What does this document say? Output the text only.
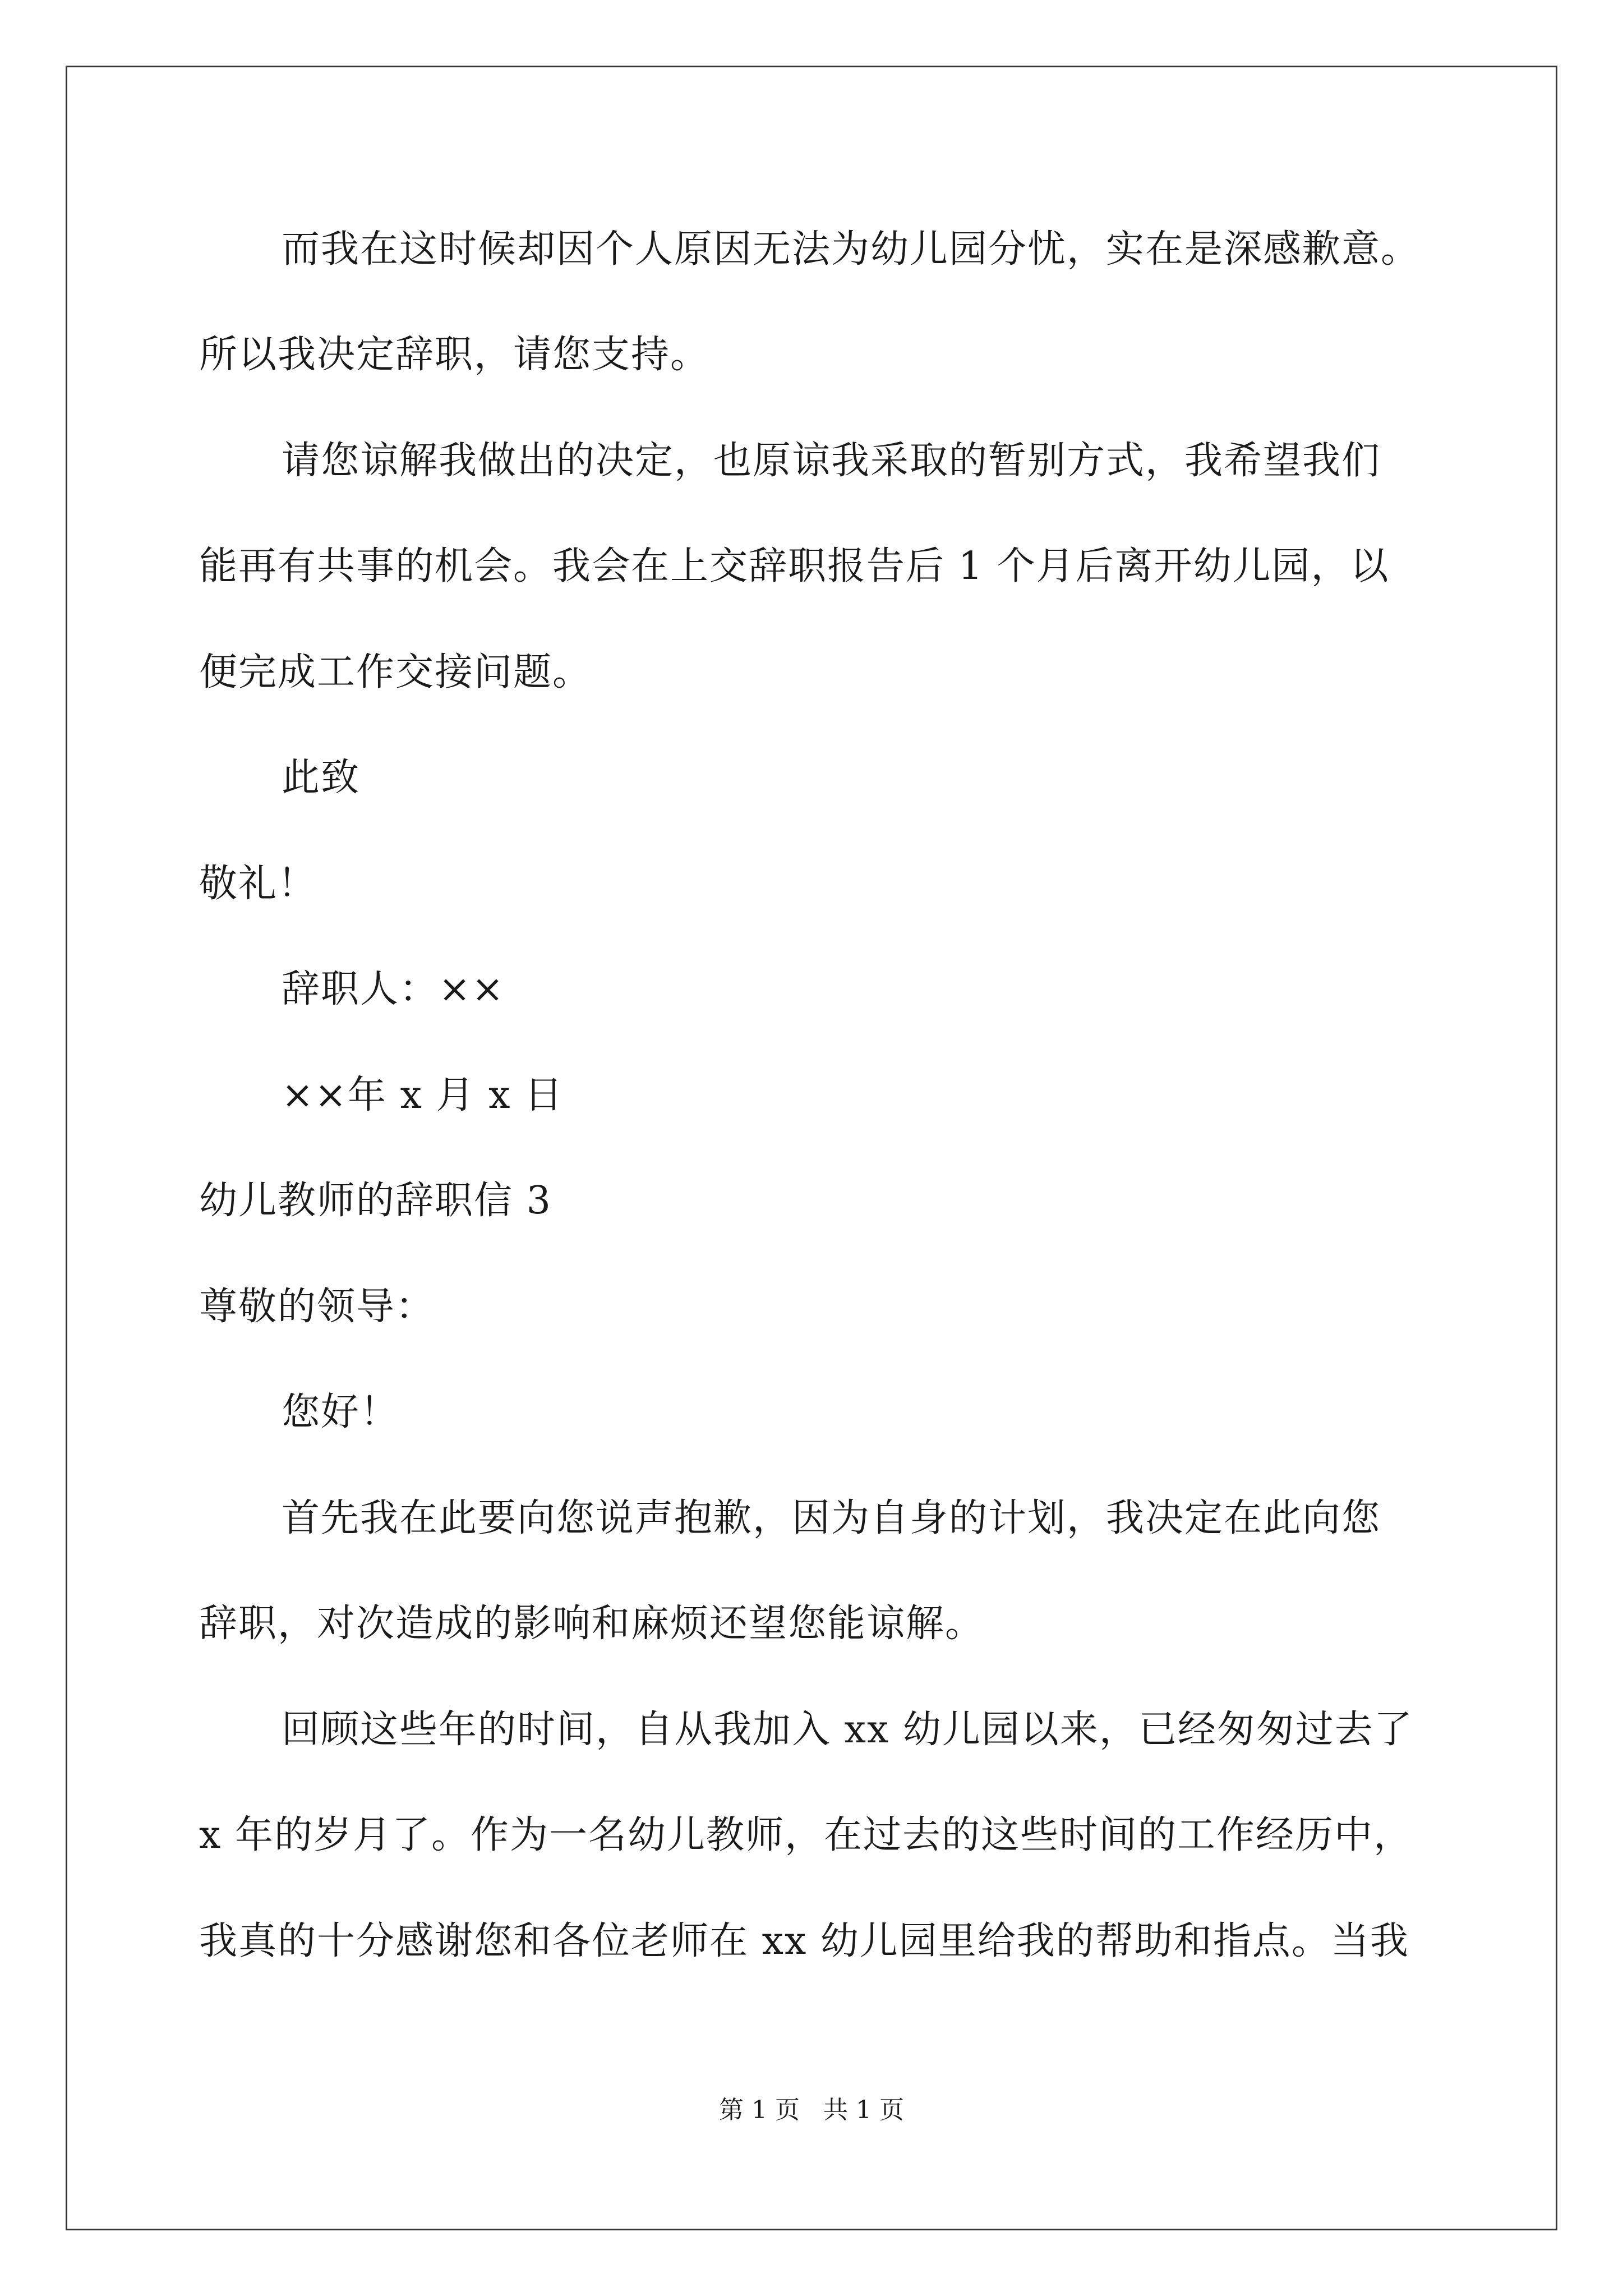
而我在这时候却因个人原因无法为幼儿园分忧，实在是深感歉意。
所以我决定辞职，请您支持。
请您谅解我做出的决定，也原谅我采取的暂别方式，我希望我们
能再有共事的机会。我会在上交辞职报告后 1 个月后离开幼儿园，以
便完成工作交接问题。
此致
敬礼！
辞职人：××
××年 x 月 x 日
幼儿教师的辞职信 3
尊敬的领导：
您好！
首先我在此要向您说声抱歉，因为自身的计划，我决定在此向您
辞职，对次造成的影响和麻烦还望您能谅解。
回顾这些年的时间，自从我加入 xx 幼儿园以来，已经匆匆过去了
x 年的岁月了。作为一名幼儿教师，在过去的这些时间的工作经历中，
我真的十分感谢您和各位老师在 xx 幼儿园里给我的帮助和指点。当我
第 1 页   共 1 页
